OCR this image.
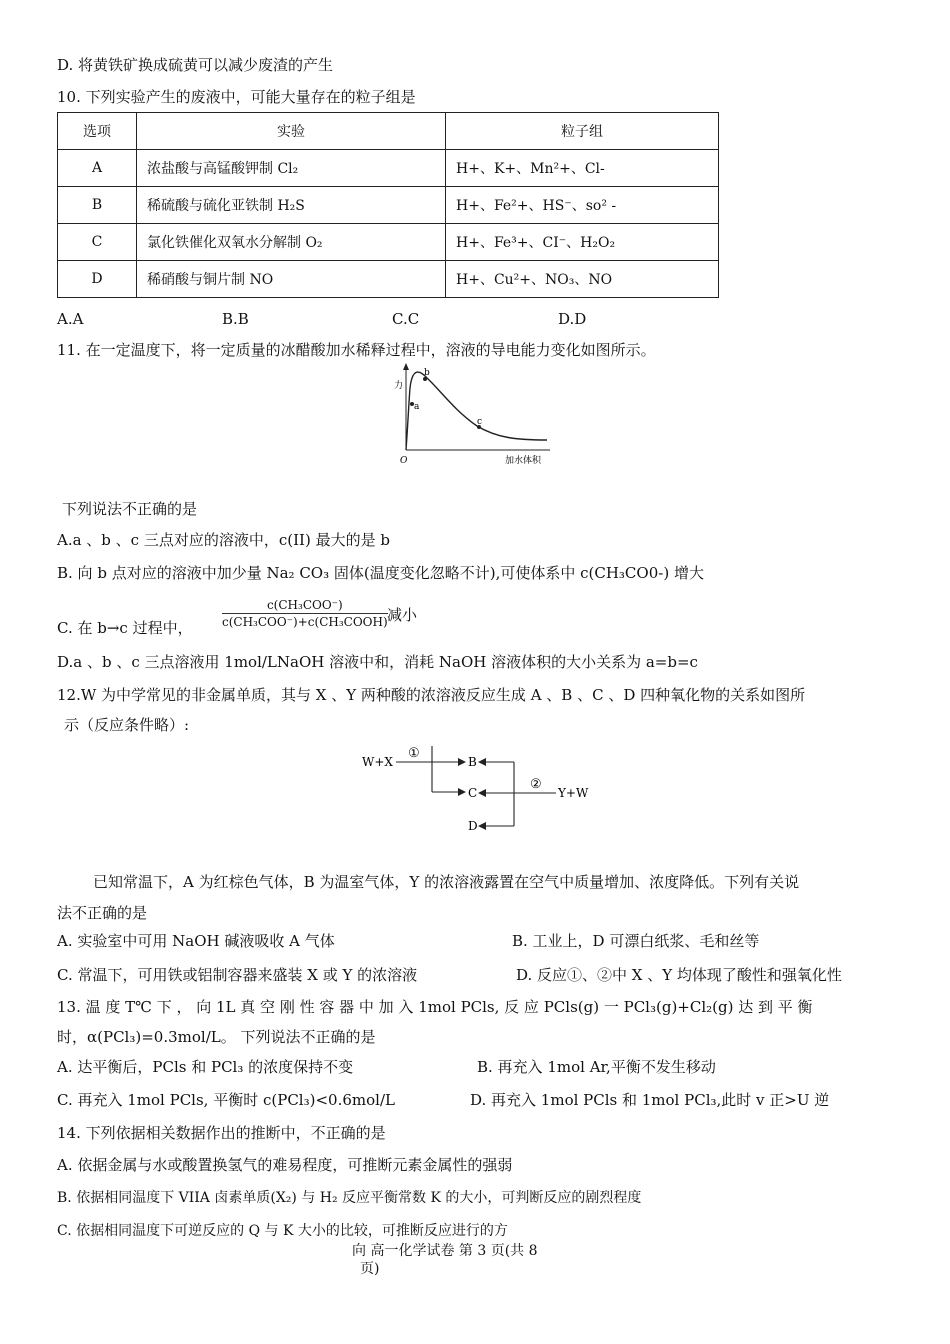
D. 将黄铁矿换成硫黄可以减少废渣的产生
10. 下列实验产生的废液中，可能大量存在的粒子组是
选项	实验	粒子组
A	浓盐酸与高锰酸钾制 Cl₂	H+、K+、Mn²+、Cl-
B	稀硫酸与硫化亚铁制 H₂S	H+、Fe²+、HS⁻、so² -
C	氯化铁催化双氧水分解制 O₂	H+、Fe³+、CI⁻、H₂O₂
D	稀硝酸与铜片制 NO	H+、Cu²+、NO₃、NO
A.A	B.B	C.C	D.D
11. 在一定温度下，将一定质量的冰醋酸加水稀释过程中，溶液的导电能力变化如图所示。
a
b
c
力
O	加水体积
下列说法不正确的是
A.a 、b 、c 三点对应的溶液中，c(II) 最大的是 b
B. 向 b 点对应的溶液中加少量 Na₂ CO₃ 固体(温度变化忽略不计),可使体系中 c(CH₃CO0-) 增大
C. 在 b→c 过程中，
c(CH₃COO⁻)
c(CH₃COO⁻)+c(CH₃COOH) 减小
D.a 、b 、c 三点溶液用 1mol/LNaOH 溶液中和，消耗 NaOH 溶液体积的大小关系为 a=b=c
12.W 为中学常见的非金属单质，其与 X 、Y 两种酸的浓溶液反应生成 A 、B 、C 、D 四种氧化物的关系如图所
示（反应条件略）:
W+X
①
B
C
D
②
Y+W
已知常温下，A 为红棕色气体，B 为温室气体，Y 的浓溶液露置在空气中质量增加、浓度降低。下列有关说
法不正确的是
A. 实验室中可用 NaOH 碱液吸收 A 气体	B. 工业上，D 可漂白纸浆、毛和丝等
C. 常温下，可用铁或铝制容器来盛装 X 或 Y 的浓溶液	D. 反应①、②中 X 、Y 均体现了酸性和强氧化性
13. 温 度 T℃ 下 ， 向 1L 真 空 刚 性 容 器 中 加 入 1mol PCls, 反 应 PCls(g) 一 PCl₃(g)+Cl₂(g) 达 到 平 衡
时，α(PCl₃)=0.3mol/L。 下列说法不正确的是
A. 达平衡后，PCls 和 PCl₃ 的浓度保持不变	B. 再充入 1mol Ar,平衡不发生移动
C. 再充入 1mol PCls, 平衡时 c(PCl₃)<0.6mol/L	D. 再充入 1mol PCls 和 1mol PCl₃,此时 v 正>U 逆
14. 下列依据相关数据作出的推断中，不正确的是
A. 依据金属与水或酸置换氢气的难易程度，可推断元素金属性的强弱
B. 依据相同温度下 VIIA 卤素单质(X₂) 与 H₂ 反应平衡常数 K 的大小，可判断反应的剧烈程度
C. 依据相同温度下可逆反应的 Q 与 K 大小的比较，可推断反应进行的方
向 高一化学试卷 第 3 页(共 8
页)
